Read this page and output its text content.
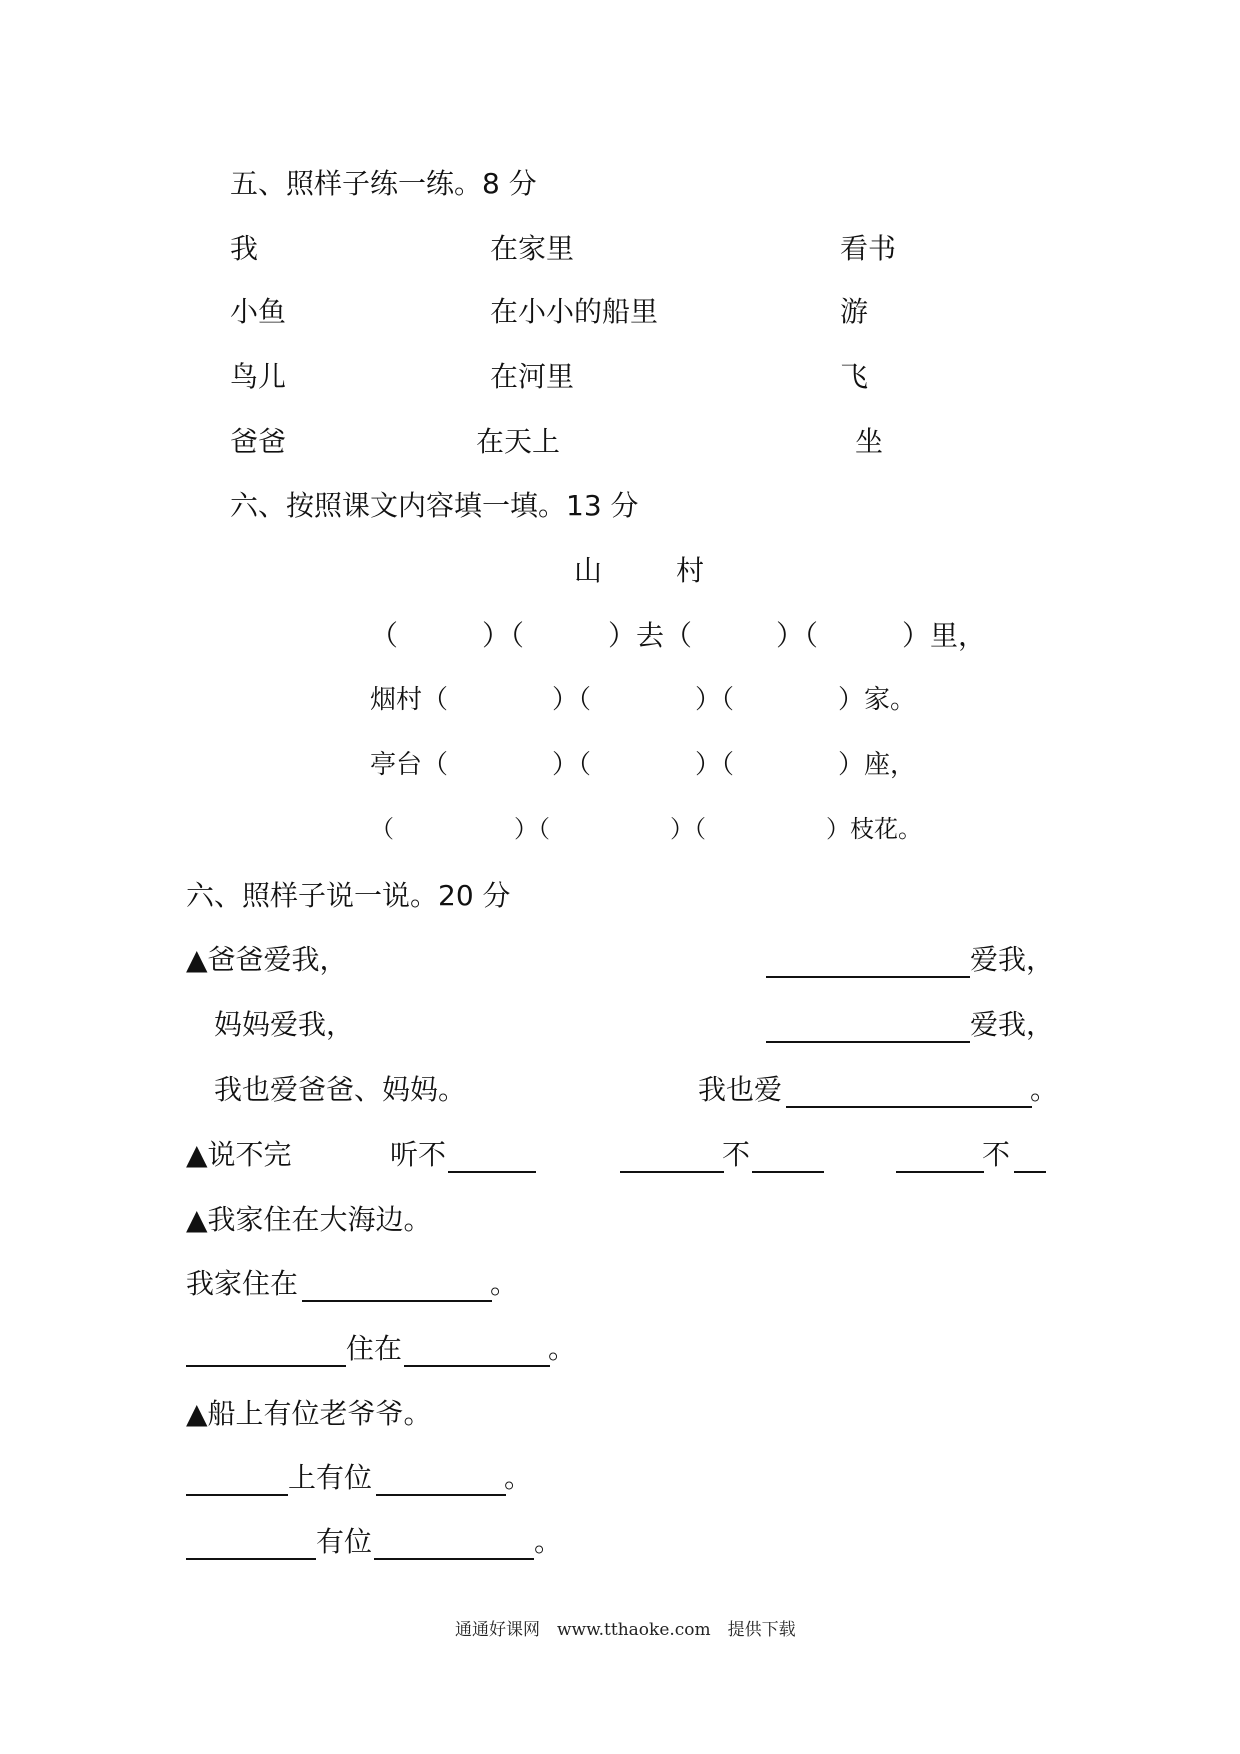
五、照样子练一练。8 分
我	在家里	看书
小鱼	在小小的船里	游
鸟儿	在河里	飞
爸爸	在天上	坐
六、按照课文内容填一填。13 分
山	村
（　　　）（　　　）去（　　　）（　　　）里，
烟村（　　　　）（　　　　）（　　　　）家。
亭台（　　　　）（　　　　）（　　　　）座，
（　　　　　）（　　　　　）（　　　　　）枝花。
六、照样子说一说。20 分
▲爸爸爱我，	爱我，
妈妈爱我，	爱我，
我也爱爸爸、妈妈。	我也爱	。
▲说不完	听不	不	不
▲我家住在大海边。
我家住在	。
住在	。
▲船上有位老爷爷。
上有位	。
有位	。
通通好课网　www.tthaoke.com　提供下载
